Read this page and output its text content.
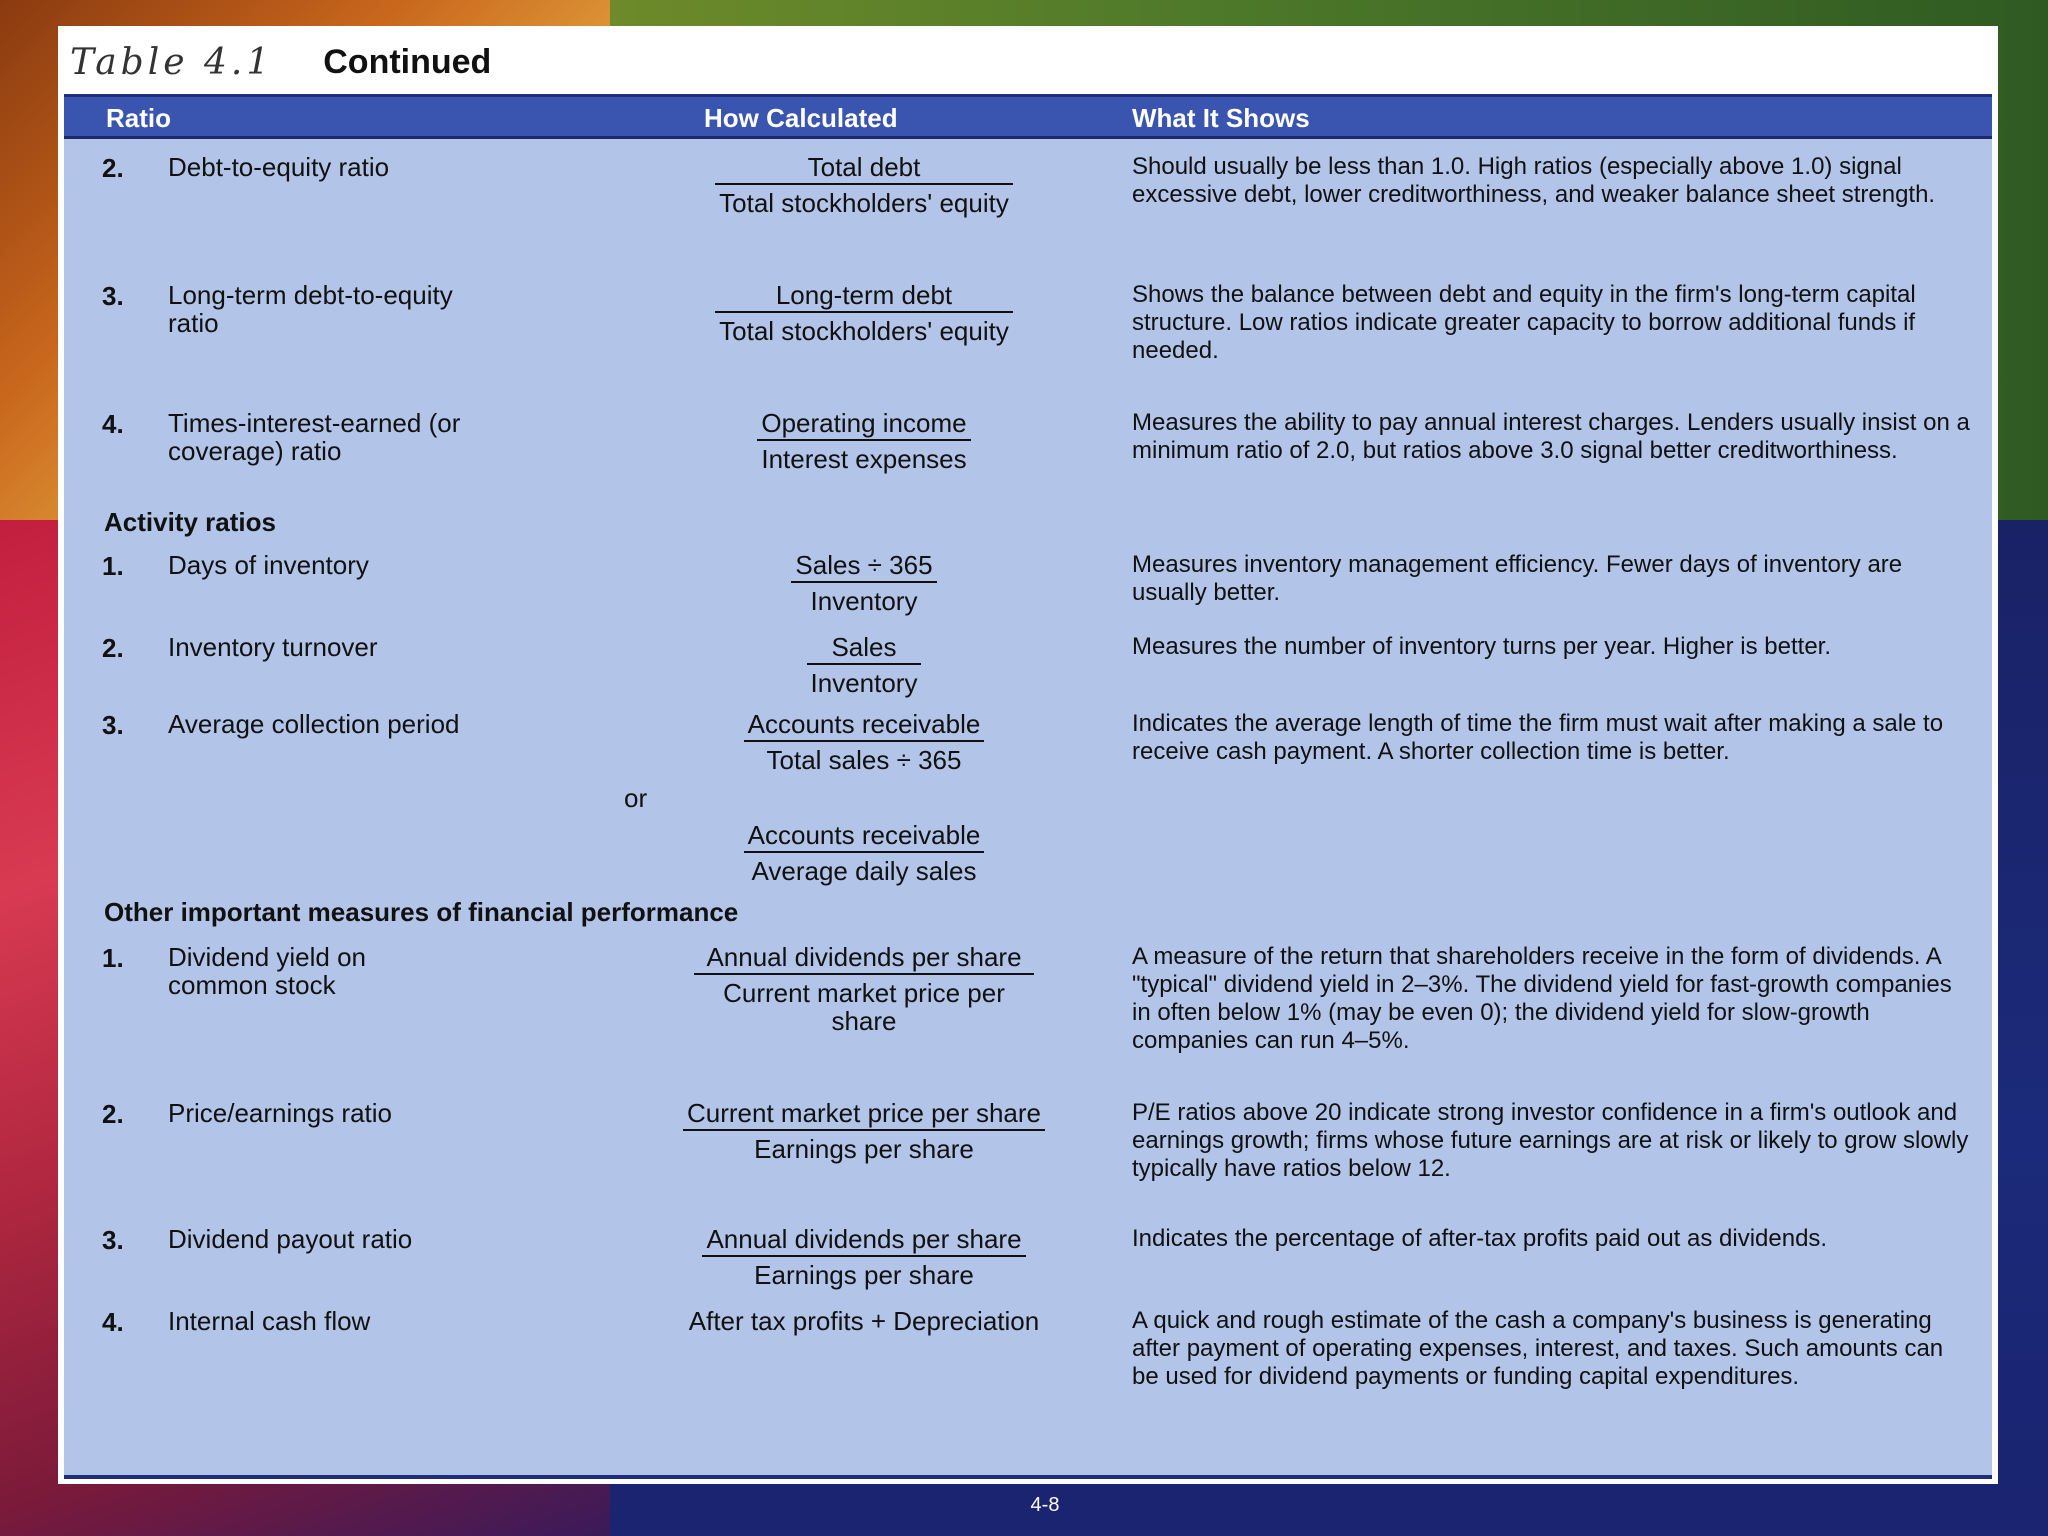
Table 4.1 Continued
Ratio	How Calculated	What It Shows
2. Debt-to-equity ratio	$\frac{\text{Total debt}}{\text{Total stockholders' equity}}$	Should usually be less than 1.0. High ratios (especially above 1.0) signal excessive debt, lower creditworthiness, and weaker balance sheet strength.
3. Long-term debt-to-equity ratio	$\frac{\text{Long-term debt}}{\text{Total stockholders' equity}}$	Shows the balance between debt and equity in the firm's long-term capital structure. Low ratios indicate greater capacity to borrow additional funds if needed.
4. Times-interest-earned (or coverage) ratio	$\frac{\text{Operating income}}{\text{Interest expenses}}$	Measures the ability to pay annual interest charges. Lenders usually insist on a minimum ratio of 2.0, but ratios above 3.0 signal better creditworthiness.
Activity ratios
1. Days of inventory	$\frac{\text{Sales ÷ 365}}{\text{Inventory}}$	Measures inventory management efficiency. Fewer days of inventory are usually better.
2. Inventory turnover	$\frac{\text{Sales}}{\text{Inventory}}$	Measures the number of inventory turns per year. Higher is better.
3. Average collection period	$\frac{\text{Accounts receivable}}{\text{Total sales ÷ 365}}$	Indicates the average length of time the firm must wait after making a sale to receive cash payment. A shorter collection time is better.
or
$\frac{\text{Accounts receivable}}{\text{Average daily sales}}$
Other important measures of financial performance
1. Dividend yield on common stock	$\frac{\text{Annual dividends per share}}{\text{Current market price per share}}$	A measure of the return that shareholders receive in the form of dividends. A "typical" dividend yield in 2–3%. The dividend yield for fast-growth companies in often below 1% (may be even 0); the dividend yield for slow-growth companies can run 4–5%.
2. Price/earnings ratio	$\frac{\text{Current market price per share}}{\text{Earnings per share}}$	P/E ratios above 20 indicate strong investor confidence in a firm's outlook and earnings growth; firms whose future earnings are at risk or likely to grow slowly typically have ratios below 12.
3. Dividend payout ratio	$\frac{\text{Annual dividends per share}}{\text{Earnings per share}}$	Indicates the percentage of after-tax profits paid out as dividends.
4. Internal cash flow	After tax profits + Depreciation	A quick and rough estimate of the cash a company's business is generating after payment of operating expenses, interest, and taxes. Such amounts can be used for dividend payments or funding capital expenditures.
4-8
